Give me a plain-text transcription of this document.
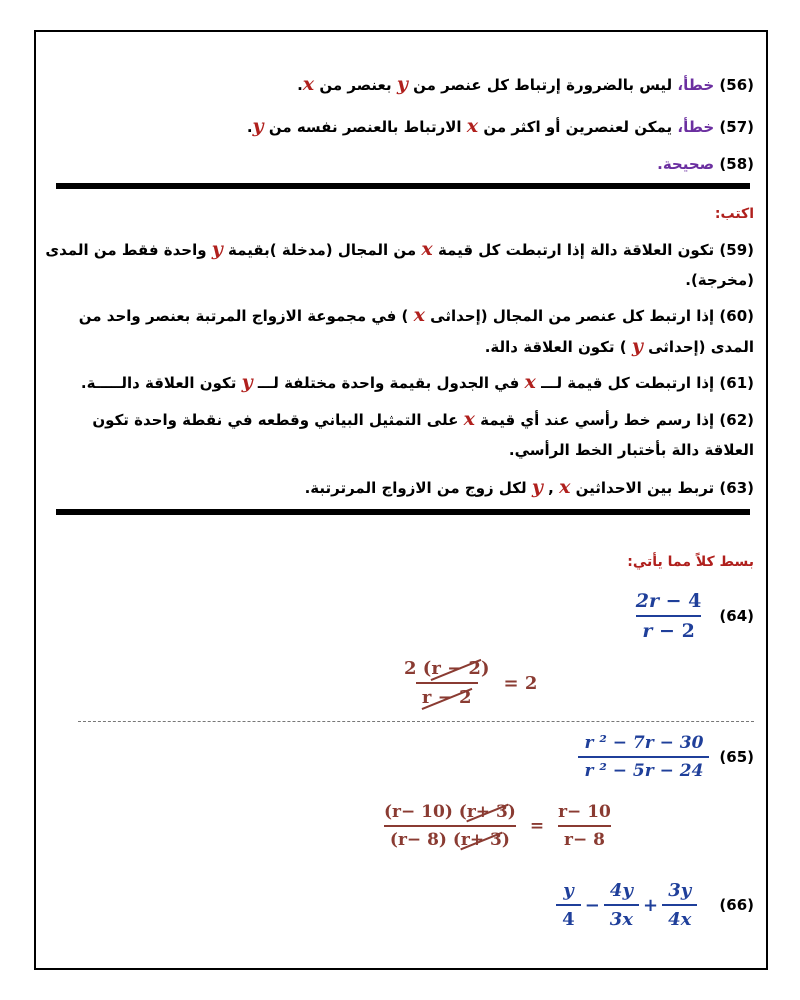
(56) خطأ، ليس بالضرورة إرتباط كل عنصر من y بعنصر من x.
(57) خطأ، يمكن لعنصرين أو اكثر من x الارتباط بالعنصر نفسه من y.
(58) صحيحة.
اكتب:
(59) تكون العلاقة دالة إذا ارتبطت كل قيمة x من المجال (مدخلة )بقيمة y واحدة فقط من المدى (مخرجة).
(60) إذا ارتبط كل عنصر من المجال (إحداثى x ) في مجموعة الازواج المرتبة بعنصر واحد من المدى (إحداثى y ) تكون العلاقة دالة.
(61) إذا ارتبطت كل قيمة لـــ x في الجدول بقيمة واحدة مختلفة لـــ y تكون العلاقة دالـــــة.
(62) إذا رسم خط رأسي عند أي قيمة x على التمثيل البياني وقطعه في نقطة واحدة تكون العلاقة دالة بأختبار الخط الرأسي.
(63) تربط بين الاحداثين y , x لكل زوج من الازواج المرترتبة.
بسط كلاً مما يأتي:
$\frac{2r - 4}{r - 2} (64)$
$\frac{2 (r - 2)}{r - 2} = 2$
$\frac{\text{r ² − 7r − 30}}{\text{r ² − 5r − 24}} (65)$
$\frac{(r- 10) (r+ 3)}{(r- 8) (r+ 3)} = \frac{r- 10}{r- 8}$
$\frac{y}{4} - \frac{4y}{3x} + \frac{3y}{4x} (66)$
